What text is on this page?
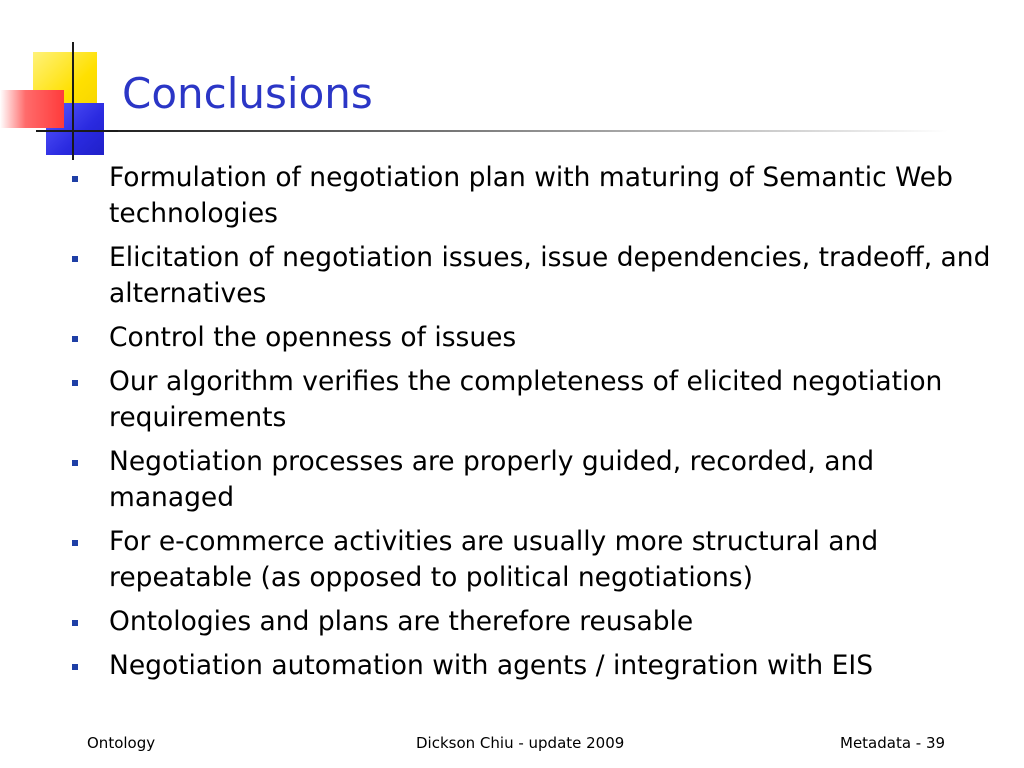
Conclusions
Formulation of negotiation plan with maturing of Semantic Web technologies
Elicitation of negotiation issues, issue dependencies, tradeoff, and alternatives
Control the openness of issues
Our algorithm verifies the completeness of elicited negotiation requirements
Negotiation processes are properly guided, recorded, and managed
For e-commerce activities are usually more structural and repeatable (as opposed to political negotiations)
Ontologies and plans are therefore reusable
Negotiation automation with agents / integration with EIS
Ontology	Dickson Chiu - update 2009	Metadata - 39
